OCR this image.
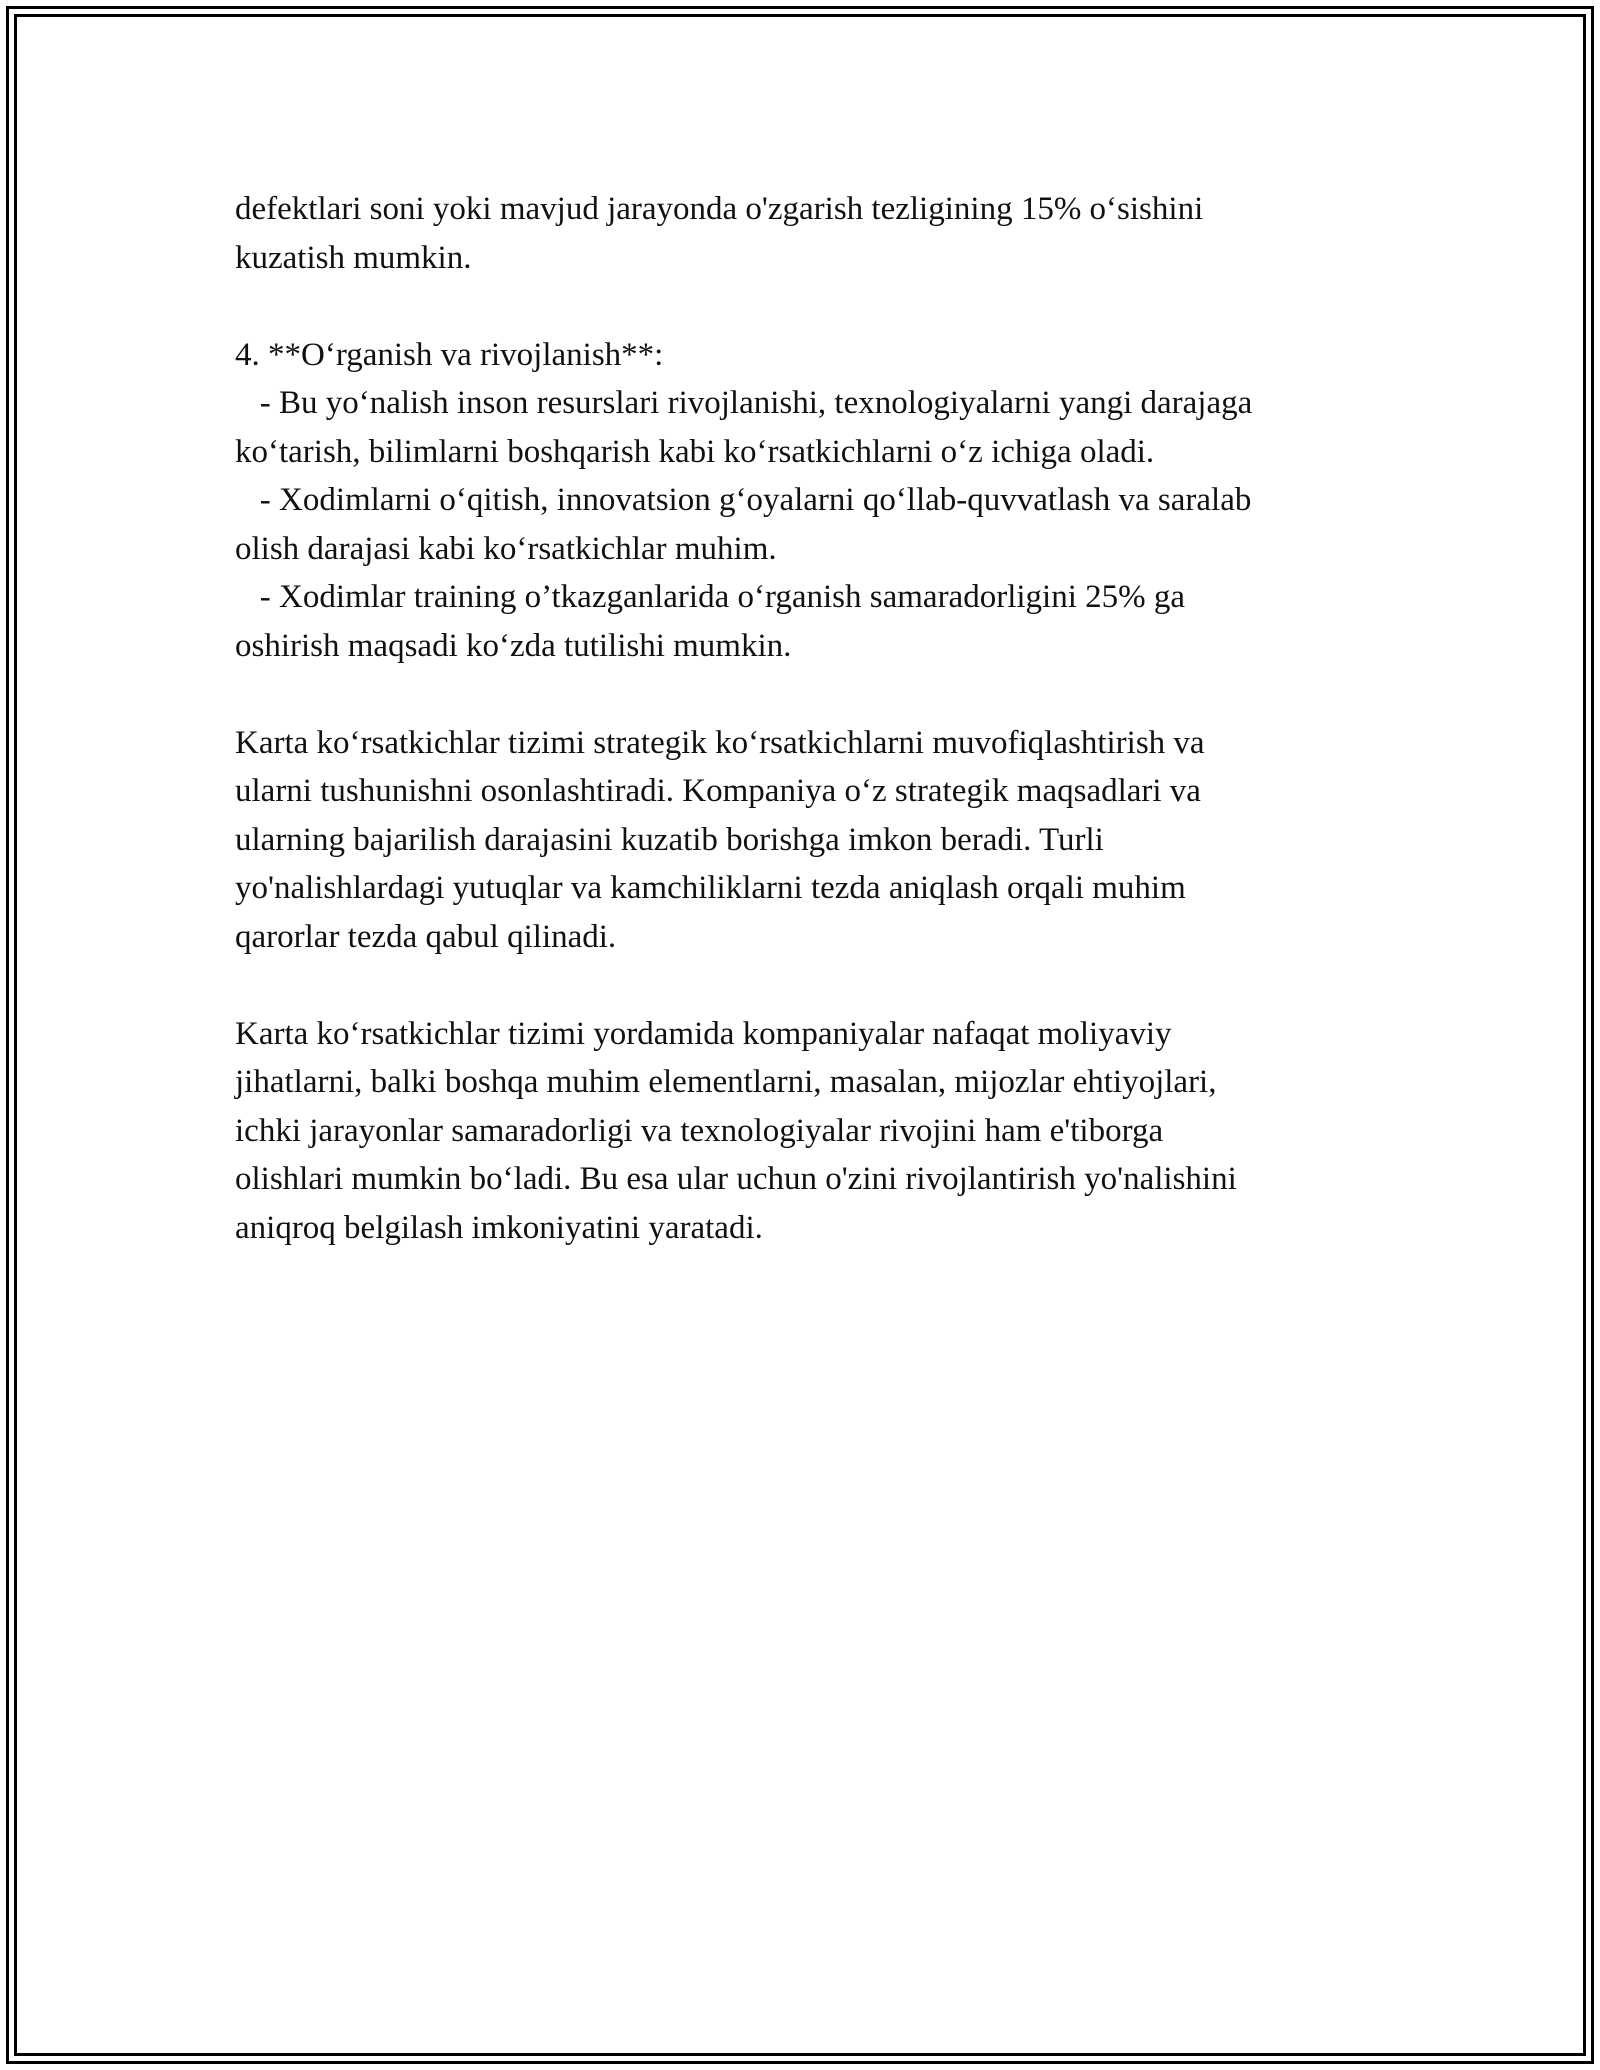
defektlari soni yoki mavjud jarayonda o'zgarish tezligining 15% o‘sishini
kuzatish mumkin.
4. **O‘rganish va rivojlanish**:
- Bu yo‘nalish inson resurslari rivojlanishi, texnologiyalarni yangi darajaga
ko‘tarish, bilimlarni boshqarish kabi ko‘rsatkichlarni o‘z ichiga oladi.
- Xodimlarni o‘qitish, innovatsion g‘oyalarni qo‘llab-quvvatlash va saralab
olish darajasi kabi ko‘rsatkichlar muhim.
- Xodimlar training o’tkazganlarida o‘rganish samaradorligini 25% ga
oshirish maqsadi ko‘zda tutilishi mumkin.
Karta ko‘rsatkichlar tizimi strategik ko‘rsatkichlarni muvofiqlashtirish va
ularni tushunishni osonlashtiradi. Kompaniya o‘z strategik maqsadlari va
ularning bajarilish darajasini kuzatib borishga imkon beradi. Turli
yo'nalishlardagi yutuqlar va kamchiliklarni tezda aniqlash orqali muhim
qarorlar tezda qabul qilinadi.
Karta ko‘rsatkichlar tizimi yordamida kompaniyalar nafaqat moliyaviy
jihatlarni, balki boshqa muhim elementlarni, masalan, mijozlar ehtiyojlari,
ichki jarayonlar samaradorligi va texnologiyalar rivojini ham e'tiborga
olishlari mumkin bo‘ladi. Bu esa ular uchun o'zini rivojlantirish yo'nalishini
aniqroq belgilash imkoniyatini yaratadi.
